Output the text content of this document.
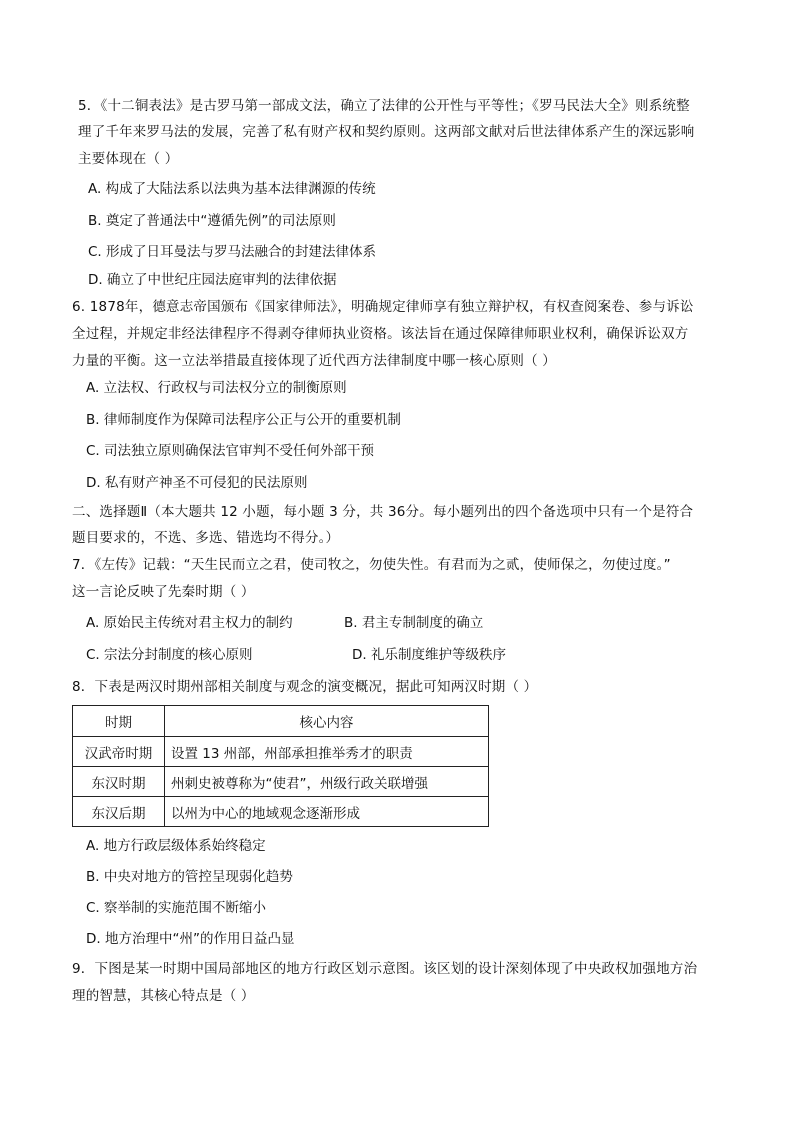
5．《十二铜表法》是古罗马第一部成文法，确立了法律的公开性与平等性；《罗马民法大全》则系统整
理了千年来罗马法的发展，完善了私有财产权和契约原则。这两部文献对后世法律体系产生的深远影响
主要体现在（ ）
A. 构成了大陆法系以法典为基本法律渊源的传统
B. 奠定了普通法中“遵循先例”的司法原则
C. 形成了日耳曼法与罗马法融合的封建法律体系
D. 确立了中世纪庄园法庭审判的法律依据
6. 1878年，德意志帝国颁布《国家律师法》，明确规定律师享有独立辩护权，有权查阅案卷、参与诉讼
全过程，并规定非经法律程序不得剥夺律师执业资格。该法旨在通过保障律师职业权利，确保诉讼双方
力量的平衡。这一立法举措最直接体现了近代西方法律制度中哪一核心原则（ ）
A. 立法权、行政权与司法权分立的制衡原则
B. 律师制度作为保障司法程序公正与公开的重要机制
C. 司法独立原则确保法官审判不受任何外部干预
D. 私有财产神圣不可侵犯的民法原则
二、选择题Ⅱ（本大题共 12 小题，每小题 3 分，共 36分。每小题列出的四个备选项中只有一个是符合
题目要求的，不选、多选、错选均不得分。）
7．《左传》记载：“天生民而立之君，使司牧之，勿使失性。有君而为之贰，使师保之，勿使过度。”
这一言论反映了先秦时期（ ）
A. 原始民主传统对君主权力的制约	B. 君主专制制度的确立
C. 宗法分封制度的核心原则	D. 礼乐制度维护等级秩序
8．下表是两汉时期州部相关制度与观念的演变概况，据此可知两汉时期（ ）
时期	核心内容
汉武帝时期	设置 13 州部，州部承担推举秀才的职责
东汉时期	州刺史被尊称为“使君”，州级行政关联增强
东汉后期	以州为中心的地域观念逐渐形成
A. 地方行政层级体系始终稳定
B. 中央对地方的管控呈现弱化趋势
C. 察举制的实施范围不断缩小
D. 地方治理中“州”的作用日益凸显
9．下图是某一时期中国局部地区的地方行政区划示意图。该区划的设计深刻体现了中央政权加强地方治
理的智慧，其核心特点是（ ）
